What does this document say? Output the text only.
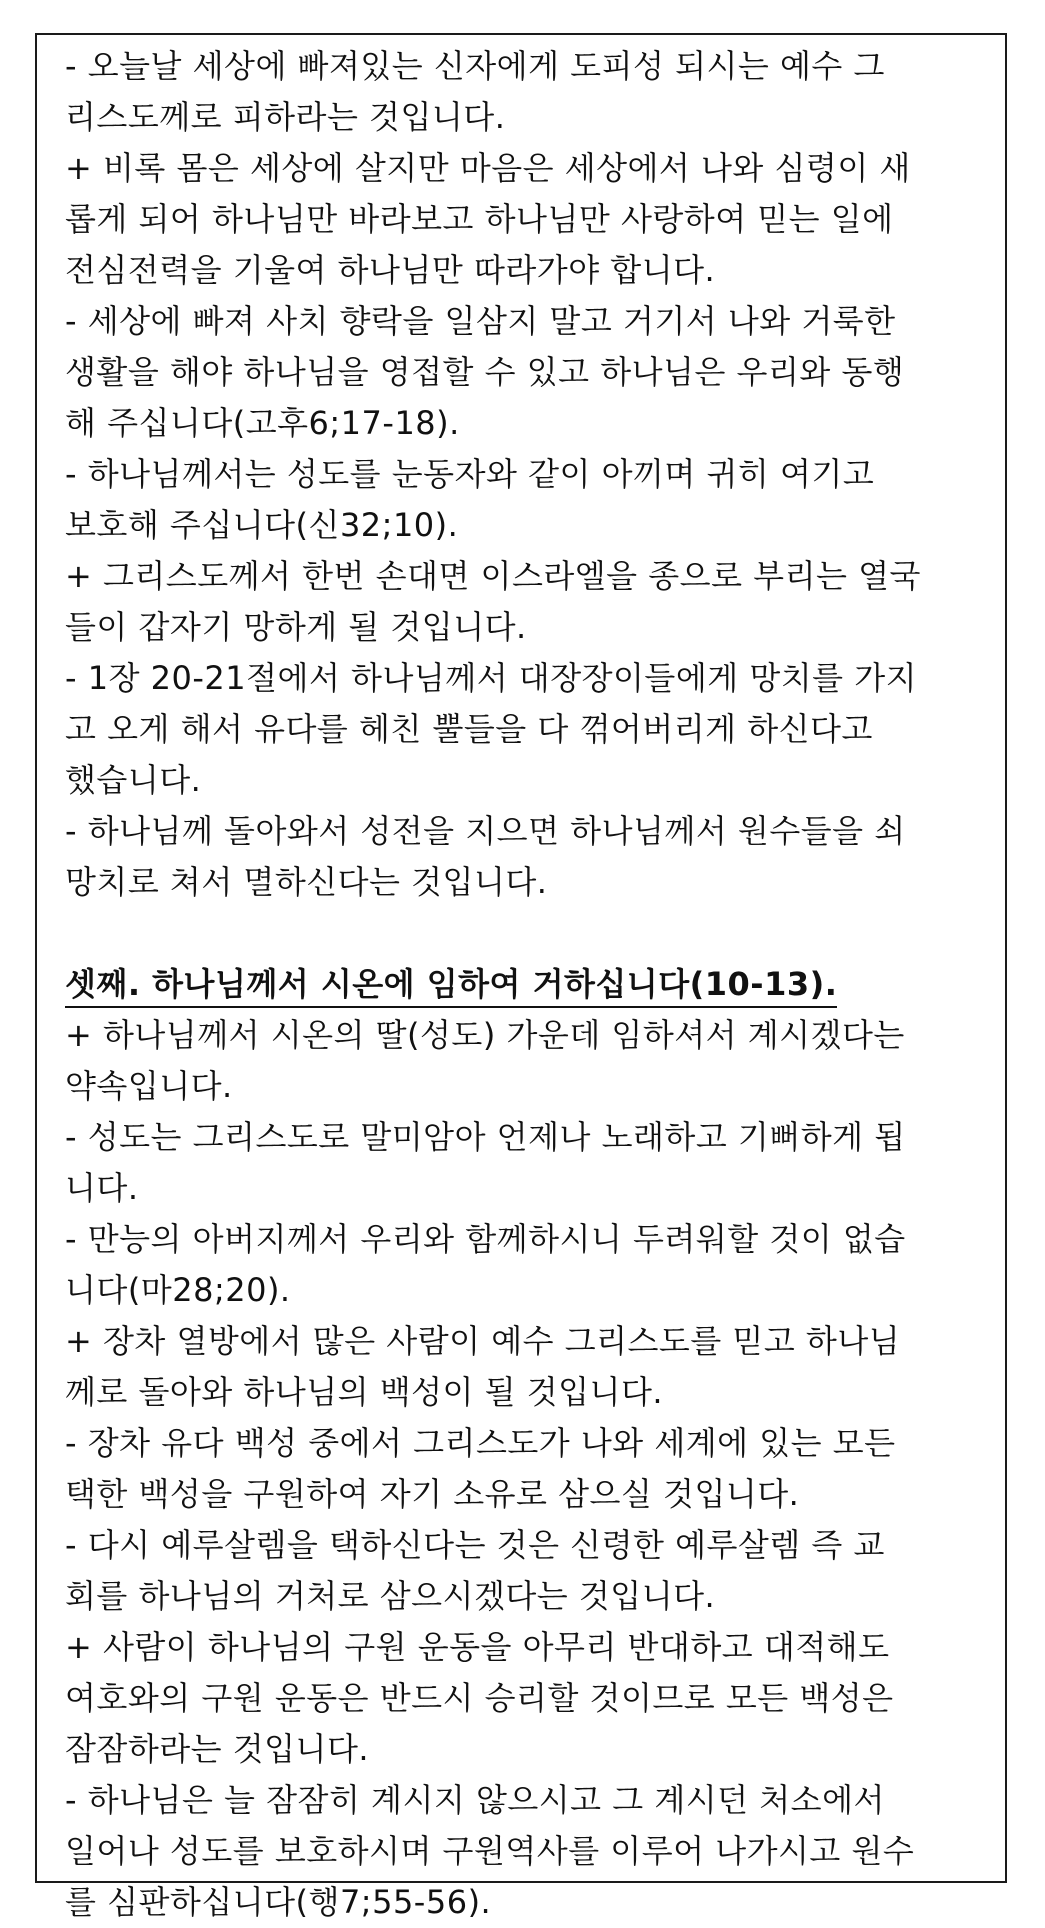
- 오늘날 세상에 빠져있는 신자에게 도피성 되시는 예수 그
리스도께로 피하라는 것입니다.
+ 비록 몸은 세상에 살지만 마음은 세상에서 나와 심령이 새
롭게 되어 하나님만 바라보고 하나님만 사랑하여 믿는 일에
전심전력을 기울여 하나님만 따라가야 합니다.
- 세상에 빠져 사치 향락을 일삼지 말고 거기서 나와 거룩한
생활을 해야 하나님을 영접할 수 있고 하나님은 우리와 동행
해 주십니다(고후6;17-18).
- 하나님께서는 성도를 눈동자와 같이 아끼며 귀히 여기고
보호해 주십니다(신32;10).
+ 그리스도께서 한번 손대면 이스라엘을 종으로 부리는 열국
들이 갑자기 망하게 될 것입니다.
- 1장 20-21절에서 하나님께서 대장장이들에게 망치를 가지
고 오게 해서 유다를 헤친 뿔들을 다 꺾어버리게 하신다고
했습니다.
- 하나님께 돌아와서 성전을 지으면 하나님께서 원수들을 쇠
망치로 쳐서 멸하신다는 것입니다.
셋째. 하나님께서 시온에 임하여 거하십니다(10-13).
+ 하나님께서 시온의 딸(성도) 가운데 임하셔서 계시겠다는
약속입니다.
- 성도는 그리스도로 말미암아 언제나 노래하고 기뻐하게 됩
니다.
- 만능의 아버지께서 우리와 함께하시니 두려워할 것이 없습
니다(마28;20).
+ 장차 열방에서 많은 사람이 예수 그리스도를 믿고 하나님
께로 돌아와 하나님의 백성이 될 것입니다.
- 장차 유다 백성 중에서 그리스도가 나와 세계에 있는 모든
택한 백성을 구원하여 자기 소유로 삼으실 것입니다.
- 다시 예루살렘을 택하신다는 것은 신령한 예루살렘 즉 교
회를 하나님의 거처로 삼으시겠다는 것입니다.
+ 사람이 하나님의 구원 운동을 아무리 반대하고 대적해도
여호와의 구원 운동은 반드시 승리할 것이므로 모든 백성은
잠잠하라는 것입니다.
- 하나님은 늘 잠잠히 계시지 않으시고 그 계시던 처소에서
일어나 성도를 보호하시며 구원역사를 이루어 나가시고 원수
를 심판하십니다(행7;55-56).
